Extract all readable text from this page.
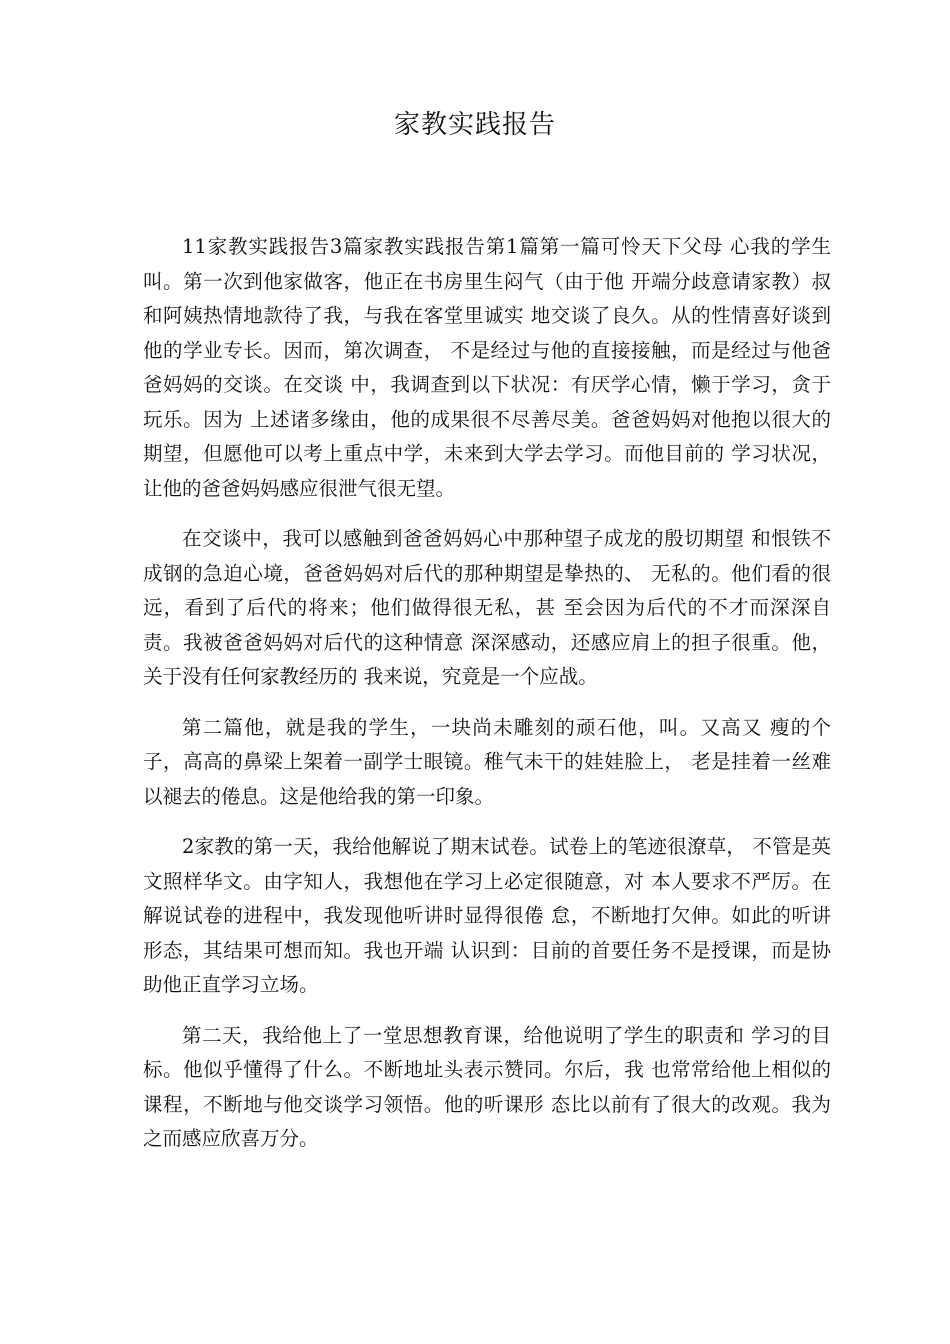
家教实践报告

11家教实践报告3篇家教实践报告第1篇第一篇可怜天下父母 心我的学生叫。第一次到他家做客，他正在书房里生闷气（由于他 开端分歧意请家教）叔和阿姨热情地款待了我，与我在客堂里诚实 地交谈了良久。从的性情喜好谈到他的学业专长。因而，第次调查， 不是经过与他的直接接触，而是经过与他爸爸妈妈的交谈。在交谈 中，我调查到以下状况：有厌学心情，懒于学习，贪于玩乐。因为 上述诸多缘由，他的成果很不尽善尽美。爸爸妈妈对他抱以很大的 期望，但愿他可以考上重点中学，未来到大学去学习。而他目前的 学习状况，让他的爸爸妈妈感应很泄气很无望。

在交谈中，我可以感触到爸爸妈妈心中那种望子成龙的殷切期望 和恨铁不成钢的急迫心境，爸爸妈妈对后代的那种期望是挚热的、 无私的。他们看的很远，看到了后代的将来；他们做得很无私，甚 至会因为后代的不才而深深自责。我被爸爸妈妈对后代的这种情意 深深感动，还感应肩上的担子很重。他，关于没有任何家教经历的 我来说，究竟是一个应战。

第二篇他，就是我的学生，一块尚未雕刻的顽石他，叫。又高又 瘦的个子，高高的鼻梁上架着一副学士眼镜。稚气未干的娃娃脸上， 老是挂着一丝难以褪去的倦息。这是他给我的第一印象。

2家教的第一天，我给他解说了期末试卷。试卷上的笔迹很潦草， 不管是英文照样华文。由字知人，我想他在学习上必定很随意，对 本人要求不严厉。在解说试卷的进程中，我发现他听讲时显得很倦 怠，不断地打欠伸。如此的听讲形态，其结果可想而知。我也开端 认识到：目前的首要任务不是授课，而是协助他正直学习立场。

第二天，我给他上了一堂思想教育课，给他说明了学生的职责和 学习的目标。他似乎懂得了什么。不断地址头表示赞同。尔后，我 也常常给他上相似的课程，不断地与他交谈学习领悟。他的听课形 态比以前有了很大的改观。我为之而感应欣喜万分。
